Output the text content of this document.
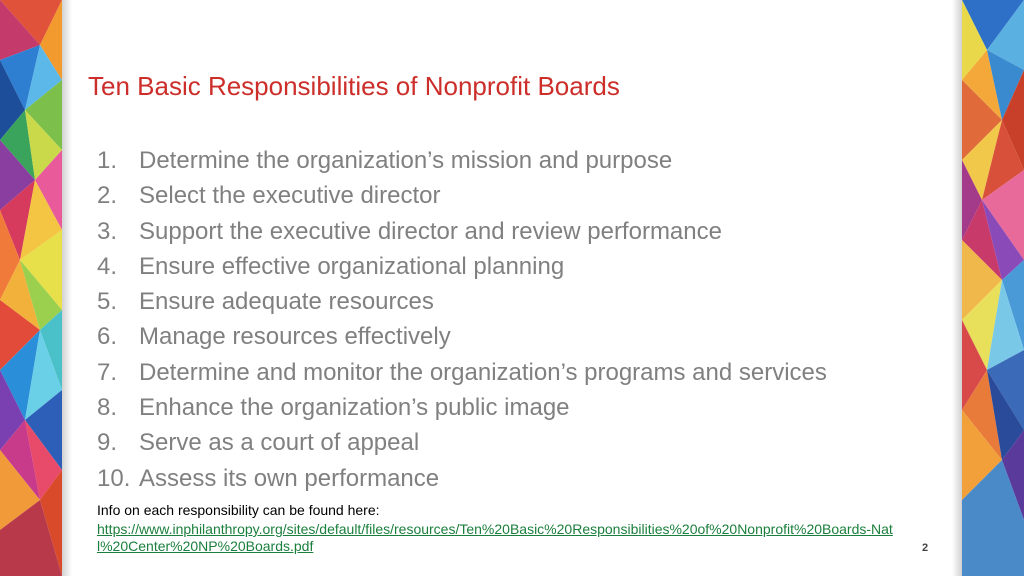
Ten Basic Responsibilities of Nonprofit Boards
1. Determine the organization’s mission and purpose
2. Select the executive director
3. Support the executive director and review performance
4. Ensure effective organizational planning
5. Ensure adequate resources
6. Manage resources effectively
7. Determine and monitor the organization’s programs and services
8. Enhance the organization’s public image
9. Serve as a court of appeal
10. Assess its own performance
Info on each responsibility can be found here:
https://www.inphilanthropy.org/sites/default/files/resources/Ten%20Basic%20Responsibilities%20of%20Nonprofit%20Boards-Natl%20Center%20NP%20Boards.pdf	2
